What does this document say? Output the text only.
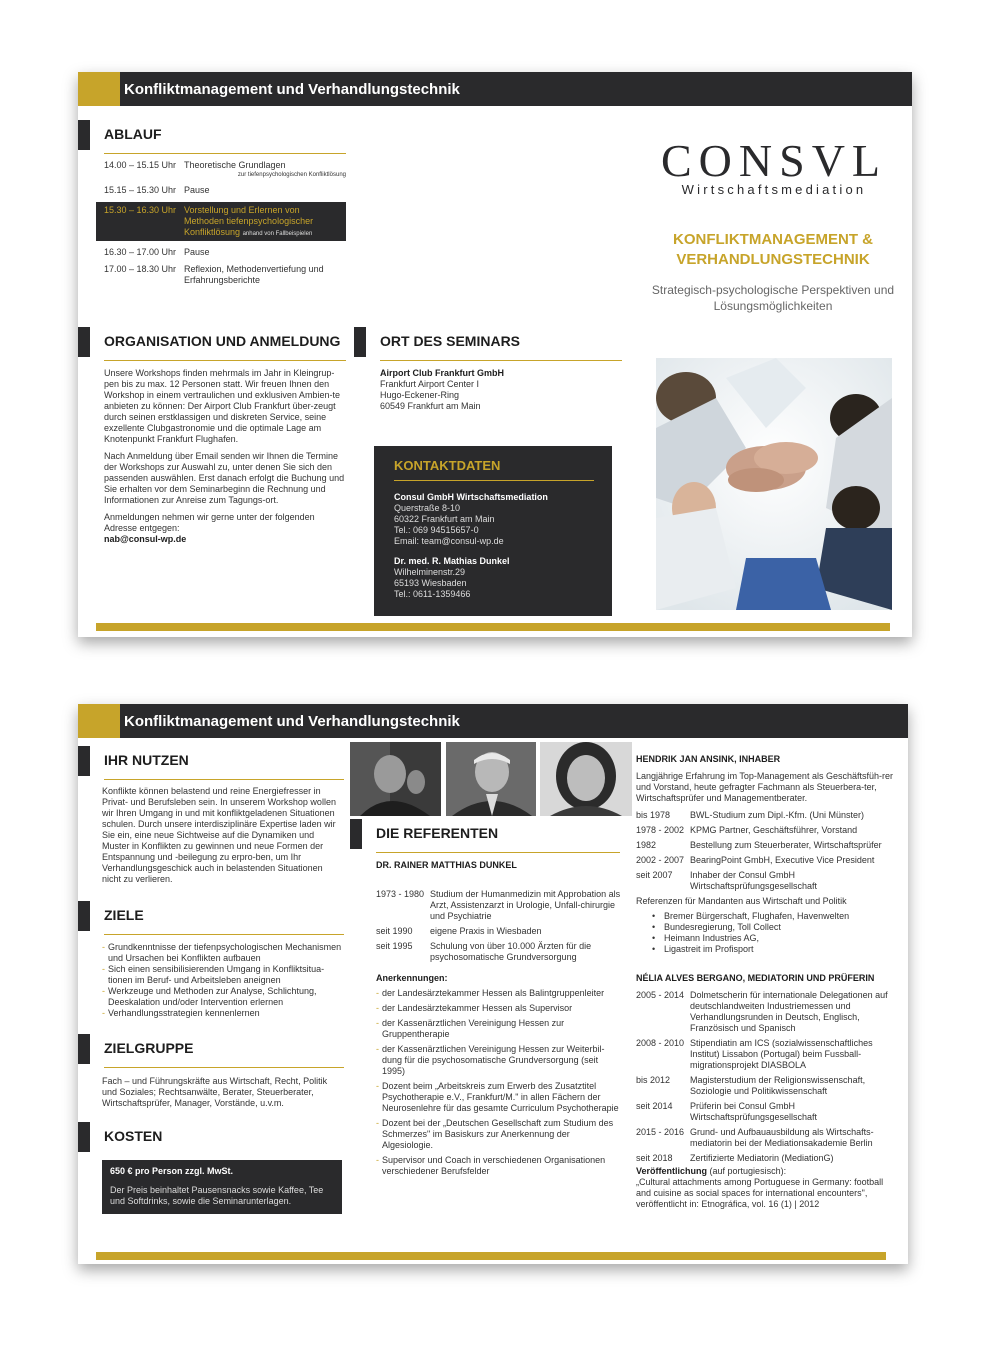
Konfliktmanagement und Verhandlungstechnik
ABLAUF
14.00 – 15.15 Uhr Theoretische Grundlagen
zur tiefenpsychologischen Konfliktlösung
15.15 – 15.30 Uhr Pause
15.30 – 16.30 Uhr Vorstellung und Erlernen von Methoden tiefenpsychologischer Konfliktlösung anhand von Fallbeispielen
16.30 – 17.00 Uhr Pause
17.00 – 18.30 Uhr Reflexion, Methodenvertiefung und Erfahrungsberichte
CONSVL
Wirtschaftsmediation
KONFLIKTMANAGEMENT & VERHANDLUNGSTECHNIK
Strategisch-psychologische Perspektiven und Lösungsmöglichkeiten
ORGANISATION UND ANMELDUNG

Unsere Workshops finden mehrmals im Jahr in Kleingrup-pen bis zu max. 12 Personen statt. Wir freuen Ihnen den Workshop in einem vertraulichen und exklusiven Ambien-te anbieten zu können: Der Airport Club Frankfurt über-zeugt durch seinen erstklassigen und diskreten Service, seine exzellente Clubgastronomie und die optimale Lage am Knotenpunkt Frankfurt Flughafen.

Nach Anmeldung über Email senden wir Ihnen die Termine der Workshops zur Auswahl zu, unter denen Sie sich den passenden auswählen. Erst danach erfolgt die Buchung und Sie erhalten vor dem Seminarbeginn die Rechnung und Informationen zur Anreise zum Tagungs-ort.

Anmeldungen nehmen wir gerne unter der folgenden Adresse entgegen:

nab@consul-wp.de

ORT DES SEMINARS
Airport Club Frankfurt GmbH
Frankfurt Airport Center I
Hugo-Eckener-Ring
60549 Frankfurt am Main
KONTAKTDATEN
Consul GmbH Wirtschaftsmediation
Querstraße 8-10
60322 Frankfurt am Main
Tel.: 069 94515657-0
Email: team@consul-wp.de
Dr. med. R. Mathias Dunkel
Wilhelminenstr.29
65193 Wiesbaden
Tel.: 0611-1359466
Konfliktmanagement und Verhandlungstechnik
IHR NUTZEN
Konflikte können belastend und reine Energiefresser in Privat- und Berufsleben sein. In unserem Workshop wollen wir Ihren Umgang in und mit konfliktgeladenen Situationen schulen. Durch unsere interdisziplinäre Expertise laden wir Sie ein, eine neue Sichtweise auf die Dynamiken und Muster in Konflikten zu gewinnen und neue Formen der Entspannung und -beilegung zu erpro-ben, um Ihr Verhandlungsgeschick auch in belastenden Situationen nicht zu verlieren.
ZIELE
- Grundkenntnisse der tiefenpsychologischen Mechanismen und Ursachen bei Konflikten aufbauen
- Sich einen sensibilisierenden Umgang in Konfliktsitua-tionen im Beruf- und Arbeitsleben aneignen
- Werkzeuge und Methoden zur Analyse, Schlichtung, Deeskalation und/oder Intervention erlernen
- Verhandlungsstrategien kennenlernen
ZIELGRUPPE
Fach – und Führungskräfte aus Wirtschaft, Recht, Politik und Soziales; Rechtsanwälte, Berater, Steuerberater, Wirtschaftsprüfer, Manager, Vorstände, u.v.m.
KOSTEN
650 € pro Person zzgl. MwSt.
Der Preis beinhaltet Pausensnacks sowie Kaffee, Tee und Softdrinks, sowie die Seminarunterlagen.
DIE REFERENTEN
DR. RAINER MATTHIAS DUNKEL
1973 - 1980 Studium der Humanmedizin mit Approbation als Arzt, Assistenzarzt in Urologie, Unfall-chirurgie und Psychiatrie
seit 1990	eigene Praxis in Wiesbaden
seit 1995	Schulung von über 10.000 Ärzten für die psychosomatische Grundversorgung
Anerkennungen:
- der Landesärztekammer Hessen als Balintgruppenleiter
- der Landesärztekammer Hessen als Supervisor
- der Kassenärztlichen Vereinigung Hessen zur Gruppentherapie
- der Kassenärztlichen Vereinigung Hessen zur Weiterbil-dung für die psychosomatische Grundversorgung (seit 1995)
- Dozent beim „Arbeitskreis zum Erwerb des Zusatztitel Psychotherapie e.V., Frankfurt/M." in allen Fächern der Neurosenlehre für das gesamte Curriculum Psychotherapie
- Dozent bei der „Deutschen Gesellschaft zum Studium des Schmerzes" im Basiskurs zur Anerkennung der Algesiologie.
- Supervisor und Coach in verschiedenen Organisationen verschiedener Berufsfelder
HENDRIK JAN ANSINK, INHABER
Langjährige Erfahrung im Top-Management als Geschäftsfüh-rer und Vorstand, heute gefragter Fachmann als Steuerbera-ter, Wirtschaftsprüfer und Managementberater.
bis 1978	BWL-Studium zum Dipl.-Kfm. (Uni Münster)
1978 - 2002 KPMG Partner, Geschäftsführer, Vorstand
1982	Bestellung zum Steuerberater, Wirtschaftsprüfer
2002 - 2007 BearingPoint GmbH, Executive Vice President
seit 2007	Inhaber der Consul GmbH Wirtschaftsprüfungsgesellschaft
Referenzen für Mandanten aus Wirtschaft und Politik
• Bremer Bürgerschaft, Flughafen, Havenwelten
• Bundesregierung, Toll Collect
• Heimann Industries AG,
• Ligastreit im Profisport
NÉLIA ALVES BERGANO, MEDIATORIN UND PRÜFERIN
2005 - 2014 Dolmetscherin für internationale Delegationen auf deutschlandweiten Industriemessen und Verhandlungsrunden in Deutsch, Englisch, Französisch und Spanisch
2008 - 2010 Stipendiatin am ICS (sozialwissenschaftliches Institut) Lissabon (Portugal) beim Fussball-migrationsprojekt DIASBOLA
bis 2012	Magisterstudium der Religionswissenschaft, Soziologie und Politikwissenschaft
seit 2014	Prüferin bei Consul GmbH Wirtschaftsprüfungsgesellschaft
2015 - 2016 Grund- und Aufbauausbildung als Wirtschafts-mediatorin bei der Mediationsakademie Berlin
seit 2018	Zertifizierte Mediatorin (MediationG)
Veröffentlichung (auf portugiesisch):
„Cultural attachments among Portuguese in Germany: football and cuisine as social spaces for international encounters", veröffentlicht in: Etnográfica, vol. 16 (1) | 2012
